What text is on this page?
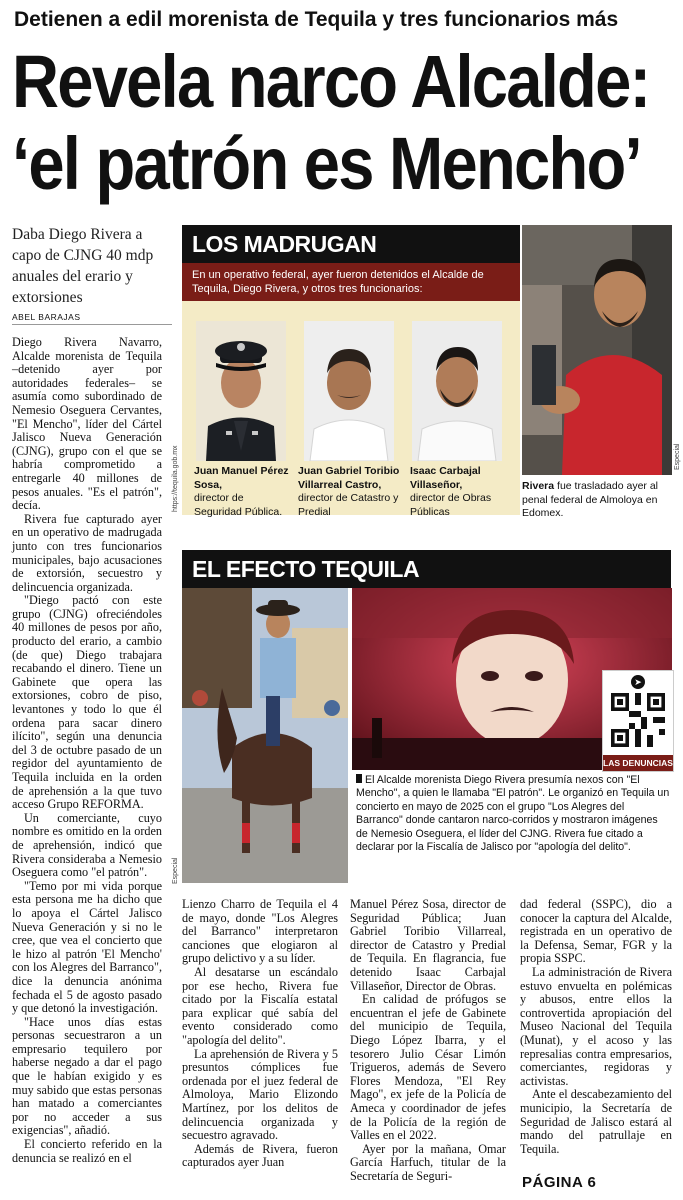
Detienen a edil morenista de Tequila y tres funcionarios más
Revela narco Alcalde:
‘el patrón es Mencho’
Daba Diego Rivera a capo de CJNG 40 mdp anuales del erario y extorsiones
ABEL BARAJAS

Diego Rivera Navarro, Alcalde morenista de Tequila –detenido ayer por autoridades federales– se asumía como subordinado de Nemesio Oseguera Cervantes, "El Mencho", líder del Cártel Jalisco Nueva Generación (CJNG), grupo con el que se habría comprometido a entregarle 40 millones de pesos anuales. "Es el patrón", decía.

Rivera fue capturado ayer en un operativo de madrugada junto con tres funcionarios municipales, bajo acusaciones de extorsión, secuestro y delincuencia organizada.

"Diego pactó con este grupo (CJNG) ofreciéndoles 40 millones de pesos por año, producto del erario, a cambio (de que) Diego trabajara recabando el dinero. Tiene un Gabinete que opera las extorsiones, cobro de piso, levantones y todo lo que él ordena para sacar dinero ilícito", según una denuncia del 3 de octubre pasado de un regidor del ayuntamiento de Tequila incluida en la orden de aprehensión a la que tuvo acceso Grupo REFORMA.

Un comerciante, cuyo nombre es omitido en la orden de aprehensión, indicó que Rivera consideraba a Nemesio Oseguera como "el patrón".

"Temo por mi vida porque esta persona me ha dicho que lo apoya el Cártel Jalisco Nueva Generación y si no le cree, que vea el concierto que le hizo al patrón 'El Mencho' con los Alegres del Barranco", dice la denuncia anónima fechada el 5 de agosto pasado y que detonó la investigación.

"Hace unos días estas personas secuestraron a un empresario tequilero por haberse negado a dar el pago que le habían exigido y es muy sabido que estas personas han matado a comerciantes por no acceder a sus exigencias", añadió.

El concierto referido en la denuncia se realizó en el

LOS MADRUGAN
En un operativo federal, ayer fueron detenidos el Alcalde de Tequila, Diego Rivera, y otros tres funcionarios:
Juan Manuel Pérez Sosa,
director de Seguridad Pública.
Juan Gabriel Toribio Villarreal Castro,
director de Catastro y Predial
Isaac Carbajal Villaseñor,
director de Obras Públicas
https://tequila.gob.mx	Especial
Rivera fue trasladado ayer al penal federal de Almoloya en Edomex.
EL EFECTO TEQUILA
Especial
➤
LAS DENUNCIAS
El Alcalde morenista Diego Rivera presumía nexos con "El Mencho", a quien le llamaba "El patrón". Le organizó en Tequila un concierto en mayo de 2025 con el grupo "Los Alegres del Barranco" donde cantaron narco-corridos y mostraron imágenes de Nemesio Oseguera, el líder del CJNG. Rivera fue citado a declarar por la Fiscalía de Jalisco por "apología del delito".

Lienzo Charro de Tequila el 4 de mayo, donde "Los Alegres del Barranco" interpretaron canciones que elogiaron al grupo delictivo y a su líder.

Al desatarse un escándalo por ese hecho, Rivera fue citado por la Fiscalía estatal para explicar qué sabía del evento considerado como "apología del delito".

La aprehensión de Rivera y 5 presuntos cómplices fue ordenada por el juez federal de Almoloya, Mario Elizondo Martínez, por los delitos de delincuencia organizada y secuestro agravado.

Además de Rivera, fueron capturados ayer Juan

Manuel Pérez Sosa, director de Seguridad Pública; Juan Gabriel Toribio Villarreal, director de Catastro y Predial de Tequila. En flagrancia, fue detenido Isaac Carbajal Villaseñor, Director de Obras.

En calidad de prófugos se encuentran el jefe de Gabinete del municipio de Tequila, Diego López Ibarra, y el tesorero Julio César Limón Trigueros, además de Severo Flores Mendoza, "El Rey Mago", ex jefe de la Policía de Ameca y coordinador de jefes de la Policía de la región de Valles en el 2022.

Ayer por la mañana, Omar García Harfuch, titular de la Secretaría de Seguri-

dad federal (SSPC), dio a conocer la captura del Alcalde, registrada en un operativo de la Defensa, Semar, FGR y la propia SSPC.

La administración de Rivera estuvo envuelta en polémicas y abusos, entre ellos la controvertida apropiación del Museo Nacional del Tequila (Munat), y el acoso y las represalias contra empresarios, comerciantes, regidoras y activistas.

Ante el descabezamiento del municipio, la Secretaría de Seguridad de Jalisco estará al mando del patrullaje en Tequila.

PÁGINA 6
